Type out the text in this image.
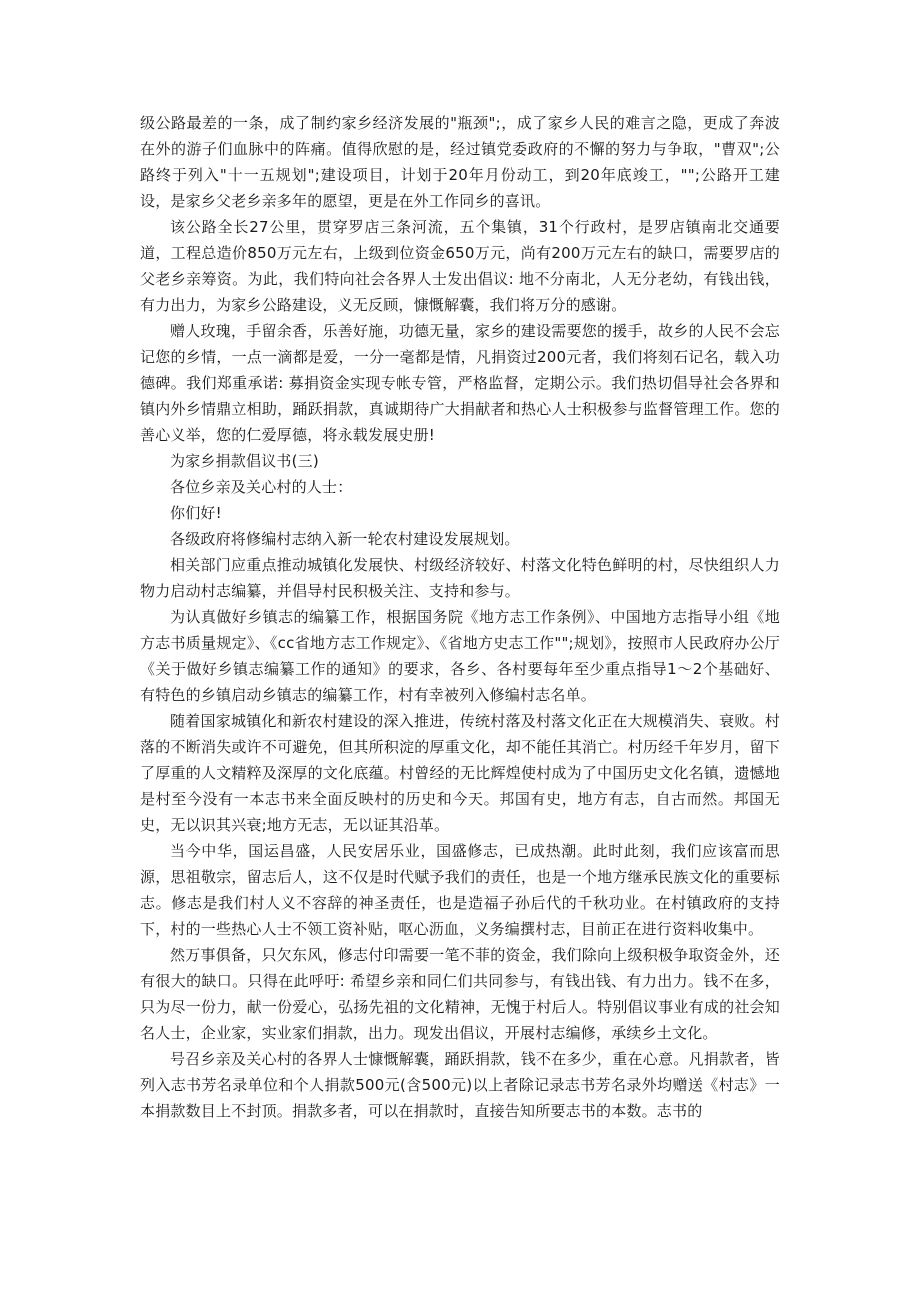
级公路最差的一条，成了制约家乡经济发展的"瓶颈";，成了家乡人民的难言之隐，更成了奔波在外的游子们血脉中的阵痛。值得欣慰的是，经过镇党委政府的不懈的努力与争取，"曹双";公路终于列入"十一五规划";建设项目，计划于20年月份动工，到20年底竣工，"";公路开工建设，是家乡父老乡亲多年的愿望，更是在外工作同乡的喜讯。

该公路全长27公里，贯穿罗店三条河流，五个集镇，31个行政村，是罗店镇南北交通要道，工程总造价850万元左右，上级到位资金650万元，尚有200万元左右的缺口，需要罗店的父老乡亲筹资。为此，我们特向社会各界人士发出倡议: 地不分南北，人无分老幼，有钱出钱，有力出力，为家乡公路建设，义无反顾，慷慨解囊，我们将万分的感谢。

赠人玫瑰，手留余香，乐善好施，功德无量，家乡的建设需要您的援手，故乡的人民不会忘记您的乡情，一点一滴都是爱，一分一毫都是情，凡捐资过200元者，我们将刻石记名，载入功德碑。我们郑重承诺: 募捐资金实现专帐专管，严格监督，定期公示。我们热切倡导社会各界和镇内外乡情鼎立相助，踊跃捐款，真诚期待广大捐献者和热心人士积极参与监督管理工作。您的善心义举，您的仁爱厚德，将永载发展史册!

为家乡捐款倡议书(三)

各位乡亲及关心村的人士：

你们好!

各级政府将修编村志纳入新一轮农村建设发展规划。

相关部门应重点推动城镇化发展快、村级经济较好、村落文化特色鲜明的村，尽快组织人力物力启动村志编纂，并倡导村民积极关注、支持和参与。

为认真做好乡镇志的编纂工作，根据国务院《地方志工作条例》、中国地方志指导小组《地方志书质量规定》、《cc省地方志工作规定》、《省地方史志工作"";规划》，按照市人民政府办公厅《关于做好乡镇志编纂工作的通知》的要求，各乡、各村要每年至少重点指导1～2个基础好、有特色的乡镇启动乡镇志的编纂工作，村有幸被列入修编村志名单。

随着国家城镇化和新农村建设的深入推进，传统村落及村落文化正在大规模消失、衰败。村落的不断消失或许不可避免，但其所积淀的厚重文化，却不能任其消亡。村历经千年岁月，留下了厚重的人文精粹及深厚的文化底蕴。村曾经的无比辉煌使村成为了中国历史文化名镇，遗憾地是村至今没有一本志书来全面反映村的历史和今天。邦国有史，地方有志，自古而然。邦国无史，无以识其兴衰;地方无志，无以证其沿革。

当今中华，国运昌盛，人民安居乐业，国盛修志，已成热潮。此时此刻，我们应该富而思源，思祖敬宗，留志后人，这不仅是时代赋予我们的责任，也是一个地方继承民族文化的重要标志。修志是我们村人义不容辞的神圣责任，也是造福子孙后代的千秋功业。在村镇政府的支持下，村的一些热心人士不领工资补贴，呕心沥血，义务编撰村志，目前正在进行资料收集中。

然万事俱备，只欠东风，修志付印需要一笔不菲的资金，我们除向上级积极争取资金外，还有很大的缺口。只得在此呼吁: 希望乡亲和同仁们共同参与，有钱出钱、有力出力。钱不在多，只为尽一份力，献一份爱心，弘扬先祖的文化精神，无愧于村后人。特别倡议事业有成的社会知名人士，企业家，实业家们捐款，出力。现发出倡议，开展村志编修，承续乡土文化。

号召乡亲及关心村的各界人士慷慨解囊，踊跃捐款，钱不在多少，重在心意。凡捐款者，皆列入志书芳名录单位和个人捐款500元(含500元)以上者除记录志书芳名录外均赠送《村志》一本捐款数目上不封顶。捐款多者，可以在捐款时，直接告知所要志书的本数。志书的
